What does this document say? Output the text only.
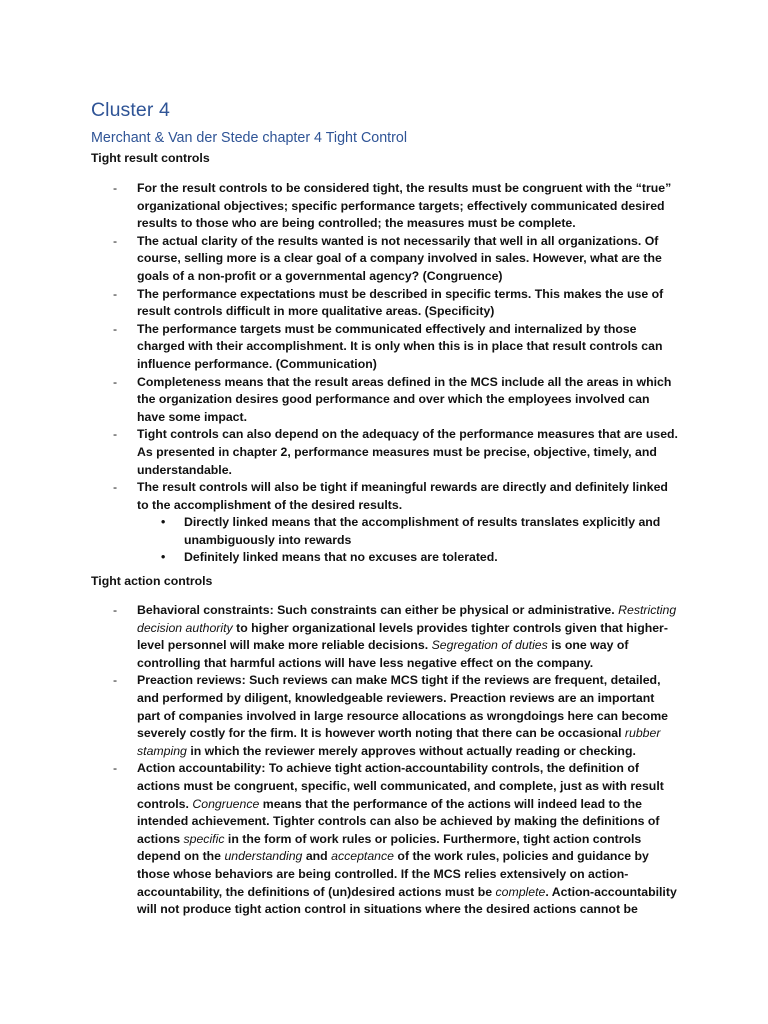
Cluster 4
Merchant & Van der Stede chapter 4 Tight Control
Tight result controls
- For the result controls to be considered tight, the results must be congruent with the “true” organizational objectives; specific performance targets; effectively communicated desired results to those who are being controlled; the measures must be complete.
- The actual clarity of the results wanted is not necessarily that well in all organizations. Of course, selling more is a clear goal of a company involved in sales. However, what are the goals of a non-profit or a governmental agency? (Congruence)
- The performance expectations must be described in specific terms. This makes the use of result controls difficult in more qualitative areas. (Specificity)
- The performance targets must be communicated effectively and internalized by those charged with their accomplishment. It is only when this is in place that result controls can influence performance. (Communication)
- Completeness means that the result areas defined in the MCS include all the areas in which the organization desires good performance and over which the employees involved can have some impact.
- Tight controls can also depend on the adequacy of the performance measures that are used. As presented in chapter 2, performance measures must be precise, objective, timely, and understandable.
- The result controls will also be tight if meaningful rewards are directly and definitely linked to the accomplishment of the desired results.
• Directly linked means that the accomplishment of results translates explicitly and unambiguously into rewards
• Definitely linked means that no excuses are tolerated.
Tight action controls
- Behavioral constraints: Such constraints can either be physical or administrative. Restricting decision authority to higher organizational levels provides tighter controls given that higher-level personnel will make more reliable decisions. Segregation of duties is one way of controlling that harmful actions will have less negative effect on the company.
- Preaction reviews: Such reviews can make MCS tight if the reviews are frequent, detailed, and performed by diligent, knowledgeable reviewers. Preaction reviews are an important part of companies involved in large resource allocations as wrongdoings here can become severely costly for the firm. It is however worth noting that there can be occasional rubber stamping in which the reviewer merely approves without actually reading or checking.
- Action accountability: To achieve tight action-accountability controls, the definition of actions must be congruent, specific, well communicated, and complete, just as with result controls. Congruence means that the performance of the actions will indeed lead to the intended achievement. Tighter controls can also be achieved by making the definitions of actions specific in the form of work rules or policies. Furthermore, tight action controls depend on the understanding and acceptance of the work rules, policies and guidance by those whose behaviors are being controlled. If the MCS relies extensively on action-accountability, the definitions of (un)desired actions must be complete. Action-accountability will not produce tight action control in situations where the desired actions cannot be
